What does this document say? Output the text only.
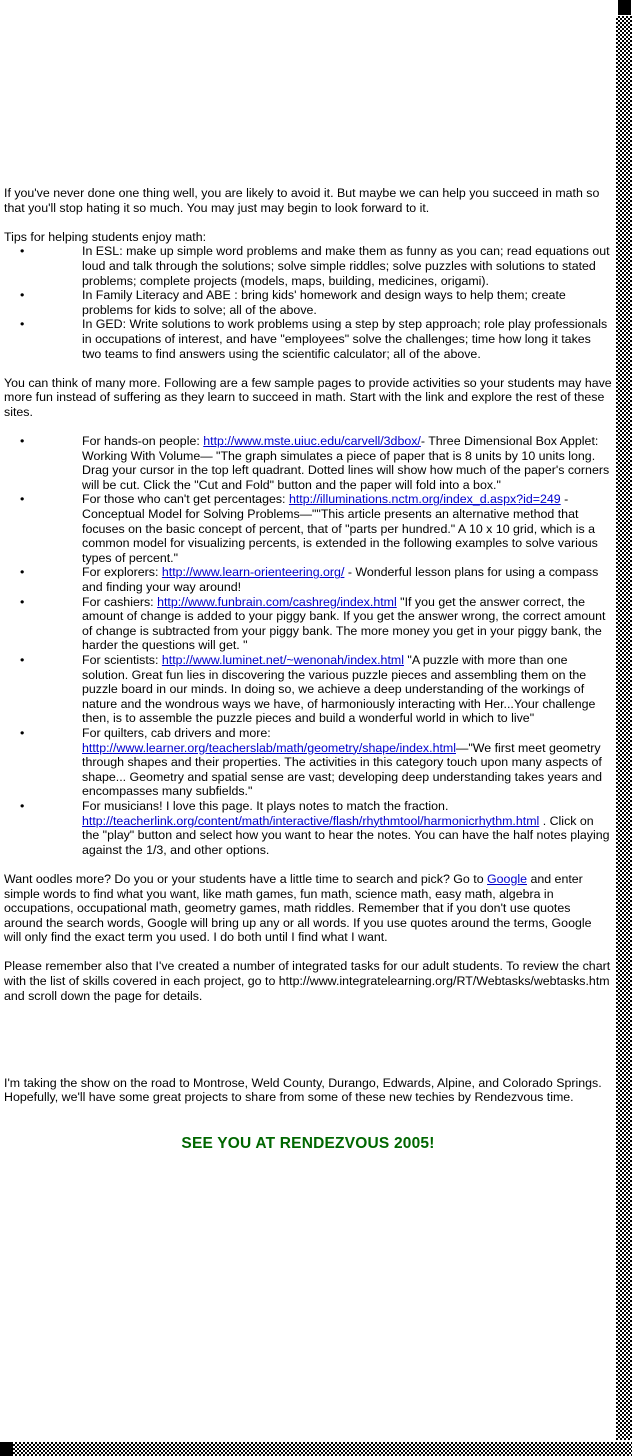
If you've never done one thing well, you are likely to avoid it. But maybe we can help you succeed in math so that you'll stop hating it so much. You may just may begin to look forward to it.

Tips for helping students enjoy math:

•	In ESL: make up simple word problems and make them as funny as you can; read equations out loud and talk through the solutions; solve simple riddles; solve puzzles with solutions to stated problems; complete projects (models, maps, building, medicines, origami).
•	In Family Literacy and ABE : bring kids' homework and design ways to help them; create problems for kids to solve; all of the above.
•	In GED: Write solutions to work problems using a step by step approach; role play professionals in occupations of interest, and have "employees" solve the challenges; time how long it takes two teams to find answers using the scientific calculator; all of the above.

You can think of many more. Following are a few sample pages to provide activities so your students may have more fun instead of suffering as they learn to succeed in math. Start with the link and explore the rest of these sites.

•	For hands-on people: http://www.mste.uiuc.edu/carvell/3dbox/- Three Dimensional Box Applet: Working With Volume— "The graph simulates a piece of paper that is 8 units by 10 units long. Drag your cursor in the top left quadrant. Dotted lines will show how much of the paper's corners will be cut. Click the "Cut and Fold" button and the paper will fold into a box."
•	For those who can't get percentages: http://illuminations.nctm.org/index_d.aspx?id=249 - Conceptual Model for Solving Problems—""This article presents an alternative method that focuses on the basic concept of percent, that of "parts per hundred." A 10 x 10 grid, which is a common model for visualizing percents, is extended in the following examples to solve various types of percent."
•	For explorers: http://www.learn-orienteering.org/ - Wonderful lesson plans for using a compass and finding your way around!
•	For cashiers: http://www.funbrain.com/cashreg/index.html "If you get the answer correct, the amount of change is added to your piggy bank. If you get the answer wrong, the correct amount of change is subtracted from your piggy bank. The more money you get in your piggy bank, the harder the questions will get. "
•	For scientists: http://www.luminet.net/~wenonah/index.html "A puzzle with more than one solution. Great fun lies in discovering the various puzzle pieces and assembling them on the puzzle board in our minds. In doing so, we achieve a deep understanding of the workings of nature and the wondrous ways we have, of harmoniously interacting with Her...Your challenge then, is to assemble the puzzle pieces and build a wonderful world in which to live"
•	For quilters, cab drivers and more: htttp://www.learner.org/teacherslab/math/geometry/shape/index.html—"We first meet geometry through shapes and their properties. The activities in this category touch upon many aspects of shape... Geometry and spatial sense are vast; developing deep understanding takes years and encompasses many subfields."
•	For musicians! I love this page. It plays notes to match the fraction. http://teacherlink.org/content/math/interactive/flash/rhythmtool/harmonicrhythm.html . Click on the "play" button and select how you want to hear the notes. You can have the half notes playing against the 1/3, and other options.

Want oodles more? Do you or your students have a little time to search and pick? Go to Google and enter simple words to find what you want, like math games, fun math, science math, easy math, algebra in occupations, occupational math, geometry games, math riddles. Remember that if you don't use quotes around the search words, Google will bring up any or all words. If you use quotes around the terms, Google will only find the exact term you used. I do both until I find what I want.

Please remember also that I've created a number of integrated tasks for our adult students. To review the chart with the list of skills covered in each project, go to http://www.integratelearning.org/RT/Webtasks/webtasks.htm and scroll down the page for details.

I'm taking the show on the road to Montrose, Weld County, Durango, Edwards, Alpine, and Colorado Springs. Hopefully, we'll have some great projects to share from some of these new techies by Rendezvous time.

SEE YOU AT RENDEZVOUS 2005!
